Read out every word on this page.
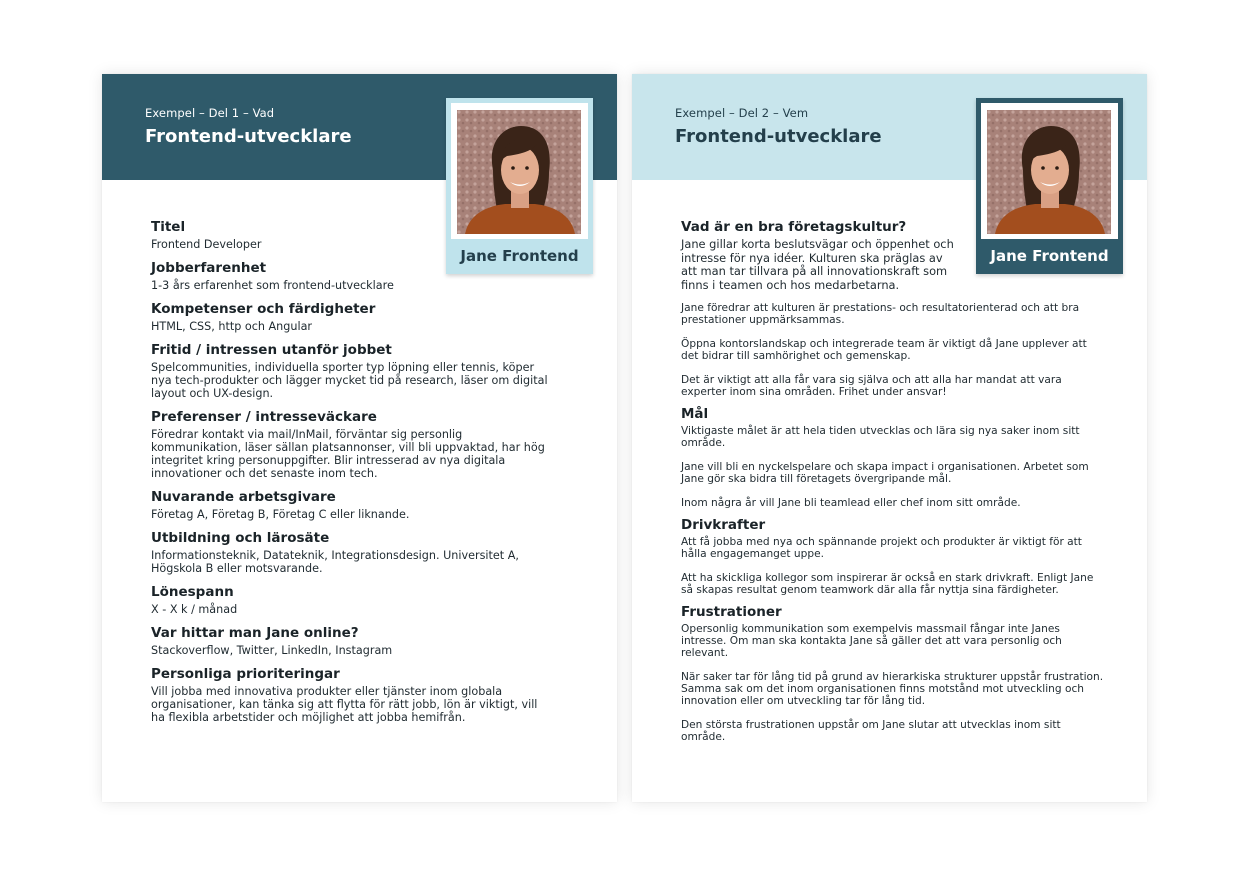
Exempel – Del 1 – Vad
Frontend-utvecklare
Jane Frontend
Titel
Frontend Developer
Jobberfarenhet
1-3 års erfarenhet som frontend-utvecklare
Kompetenser och färdigheter
HTML, CSS, http och Angular
Fritid / intressen utanför jobbet
Spelcommunities, individuella sporter typ löpning eller tennis, köper nya tech-produkter och lägger mycket tid på research, läser om digital layout och UX-design.
Preferenser / intresseväckare
Föredrar kontakt via mail/InMail, förväntar sig personlig kommunikation, läser sällan platsannonser, vill bli uppvaktad, har hög integritet kring personuppgifter. Blir intresserad av nya digitala innovationer och det senaste inom tech.
Nuvarande arbetsgivare
Företag A, Företag B, Företag C eller liknande.
Utbildning och lärosäte
Informationsteknik, Datateknik, Integrationsdesign. Universitet A, Högskola B eller motsvarande.
Lönespann
X - X k / månad
Var hittar man Jane online?
Stackoverflow, Twitter, LinkedIn, Instagram
Personliga prioriteringar
Vill jobba med innovativa produkter eller tjänster inom globala organisationer, kan tänka sig att flytta för rätt jobb, lön är viktigt, vill ha flexibla arbetstider och möjlighet att jobba hemifrån.
Exempel – Del 2 – Vem
Frontend-utvecklare
Jane Frontend
Vad är en bra företagskultur?
Jane gillar korta beslutsvägar och öppenhet och intresse för nya idéer. Kulturen ska präglas av att man tar tillvara på all innovationskraft som finns i teamen och hos medarbetarna.
Jane föredrar att kulturen är prestations- och resultatorienterad och att bra prestationer uppmärksammas.
Öppna kontorslandskap och integrerade team är viktigt då Jane upplever att det bidrar till samhörighet och gemenskap.
Det är viktigt att alla får vara sig själva och att alla har mandat att vara experter inom sina områden. Frihet under ansvar!
Mål
Viktigaste målet är att hela tiden utvecklas och lära sig nya saker inom sitt område.
Jane vill bli en nyckelspelare och skapa impact i organisationen. Arbetet som Jane gör ska bidra till företagets övergripande mål.
Inom några år vill Jane bli teamlead eller chef inom sitt område.
Drivkrafter
Att få jobba med nya och spännande projekt och produkter är viktigt för att hålla engagemanget uppe.
Att ha skickliga kollegor som inspirerar är också en stark drivkraft. Enligt Jane så skapas resultat genom teamwork där alla får nyttja sina färdigheter.
Frustrationer
Opersonlig kommunikation som exempelvis massmail fångar inte Janes intresse. Om man ska kontakta Jane så gäller det att vara personlig och relevant.
När saker tar för lång tid på grund av hierarkiska strukturer uppstår frustration. Samma sak om det inom organisationen finns motstånd mot utveckling och innovation eller om utveckling tar för lång tid.
Den största frustrationen uppstår om Jane slutar att utvecklas inom sitt område.
